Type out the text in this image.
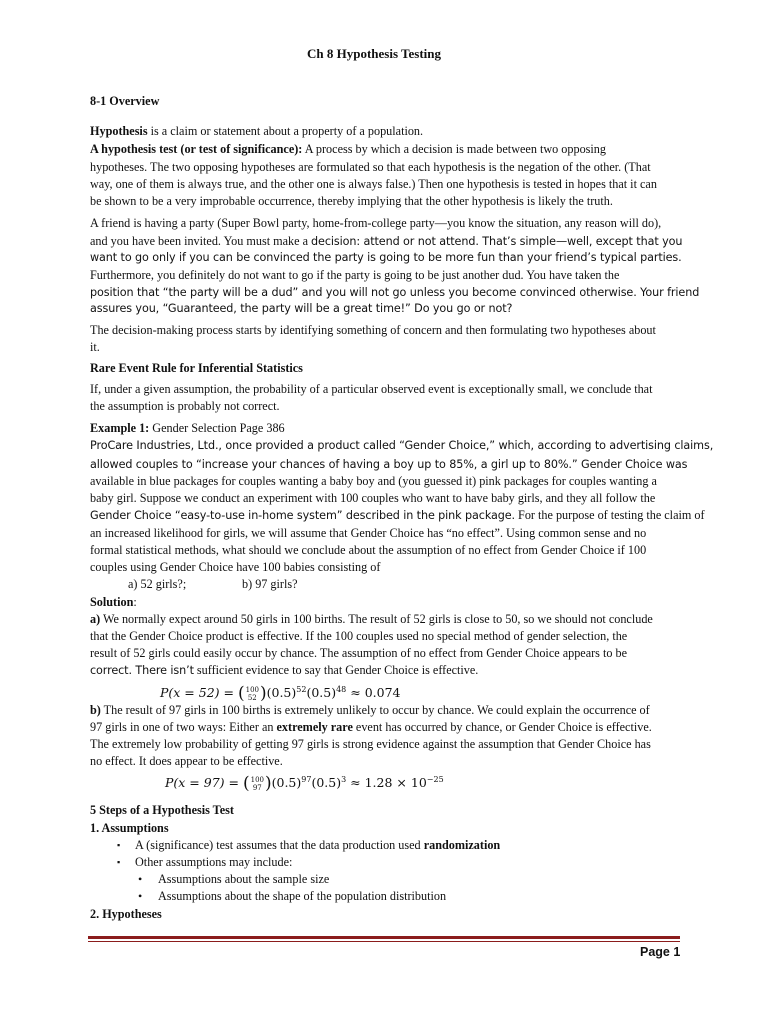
Ch 8 Hypothesis Testing
8-1 Overview
Hypothesis is a claim or statement about a property of a population.
A hypothesis test (or test of significance): A process by which a decision is made between two opposing
hypotheses. The two opposing hypotheses are formulated so that each hypothesis is the negation of the other. (That
way, one of them is always true, and the other one is always false.) Then one hypothesis is tested in hopes that it can
be shown to be a very improbable occurrence, thereby implying that the other hypothesis is likely the truth.
A friend is having a party (Super Bowl party, home-from-college party—you know the situation, any reason will do),
and you have been invited. You must make a decision: attend or not attend. That’s simple—well, except that you
want to go only if you can be convinced the party is going to be more fun than your friend’s typical parties.
Furthermore, you definitely do not want to go if the party is going to be just another dud. You have taken the
position that “the party will be a dud” and you will not go unless you become convinced otherwise. Your friend
assures you, “Guaranteed, the party will be a great time!” Do you go or not?
The decision-making process starts by identifying something of concern and then formulating two hypotheses about
it.
Rare Event Rule for Inferential Statistics
If, under a given assumption, the probability of a particular observed event is exceptionally small, we conclude that
the assumption is probably not correct.
Example 1: Gender Selection Page 386
ProCare Industries, Ltd., once provided a product called “Gender Choice,” which, according to advertising claims,
allowed couples to “increase your chances of having a boy up to 85%, a girl up to 80%.” Gender Choice was
available in blue packages for couples wanting a baby boy and (you guessed it) pink packages for couples wanting a
baby girl. Suppose we conduct an experiment with 100 couples who want to have baby girls, and they all follow the
Gender Choice “easy-to-use in-home system” described in the pink package. For the purpose of testing the claim of
an increased likelihood for girls, we will assume that Gender Choice has “no effect”. Using common sense and no
formal statistical methods, what should we conclude about the assumption of no effect from Gender Choice if 100
couples using Gender Choice have 100 babies consisting of
a) 52 girls?;	b) 97 girls?
Solution:
a) We normally expect around 50 girls in 100 births. The result of 52 girls is close to 50, so we should not conclude
that the Gender Choice product is effective. If the 100 couples used no special method of gender selection, the
result of 52 girls could easily occur by chance. The assumption of no effect from Gender Choice appears to be
correct. There isn’t sufficient evidence to say that Gender Choice is effective.
P(x = 52) = ( 100
52 )$(0.5)^{52}(0.5)^{48} \approx 0.074$
b) The result of 97 girls in 100 births is extremely unlikely to occur by chance. We could explain the occurrence of
97 girls in one of two ways: Either an extremely rare event has occurred by chance, or Gender Choice is effective.
The extremely low probability of getting 97 girls is strong evidence against the assumption that Gender Choice has
no effect. It does appear to be effective.
P(x = 97) = ( 100
97 )$(0.5)^{97}(0.5)^3 \approx 1.28 \times 10^{-25}$
5 Steps of a Hypothesis Test
1. Assumptions
▪ A (significance) test assumes that the data production used randomization
▪ Other assumptions may include:
• Assumptions about the sample size
• Assumptions about the shape of the population distribution
2. Hypotheses
Page 1
